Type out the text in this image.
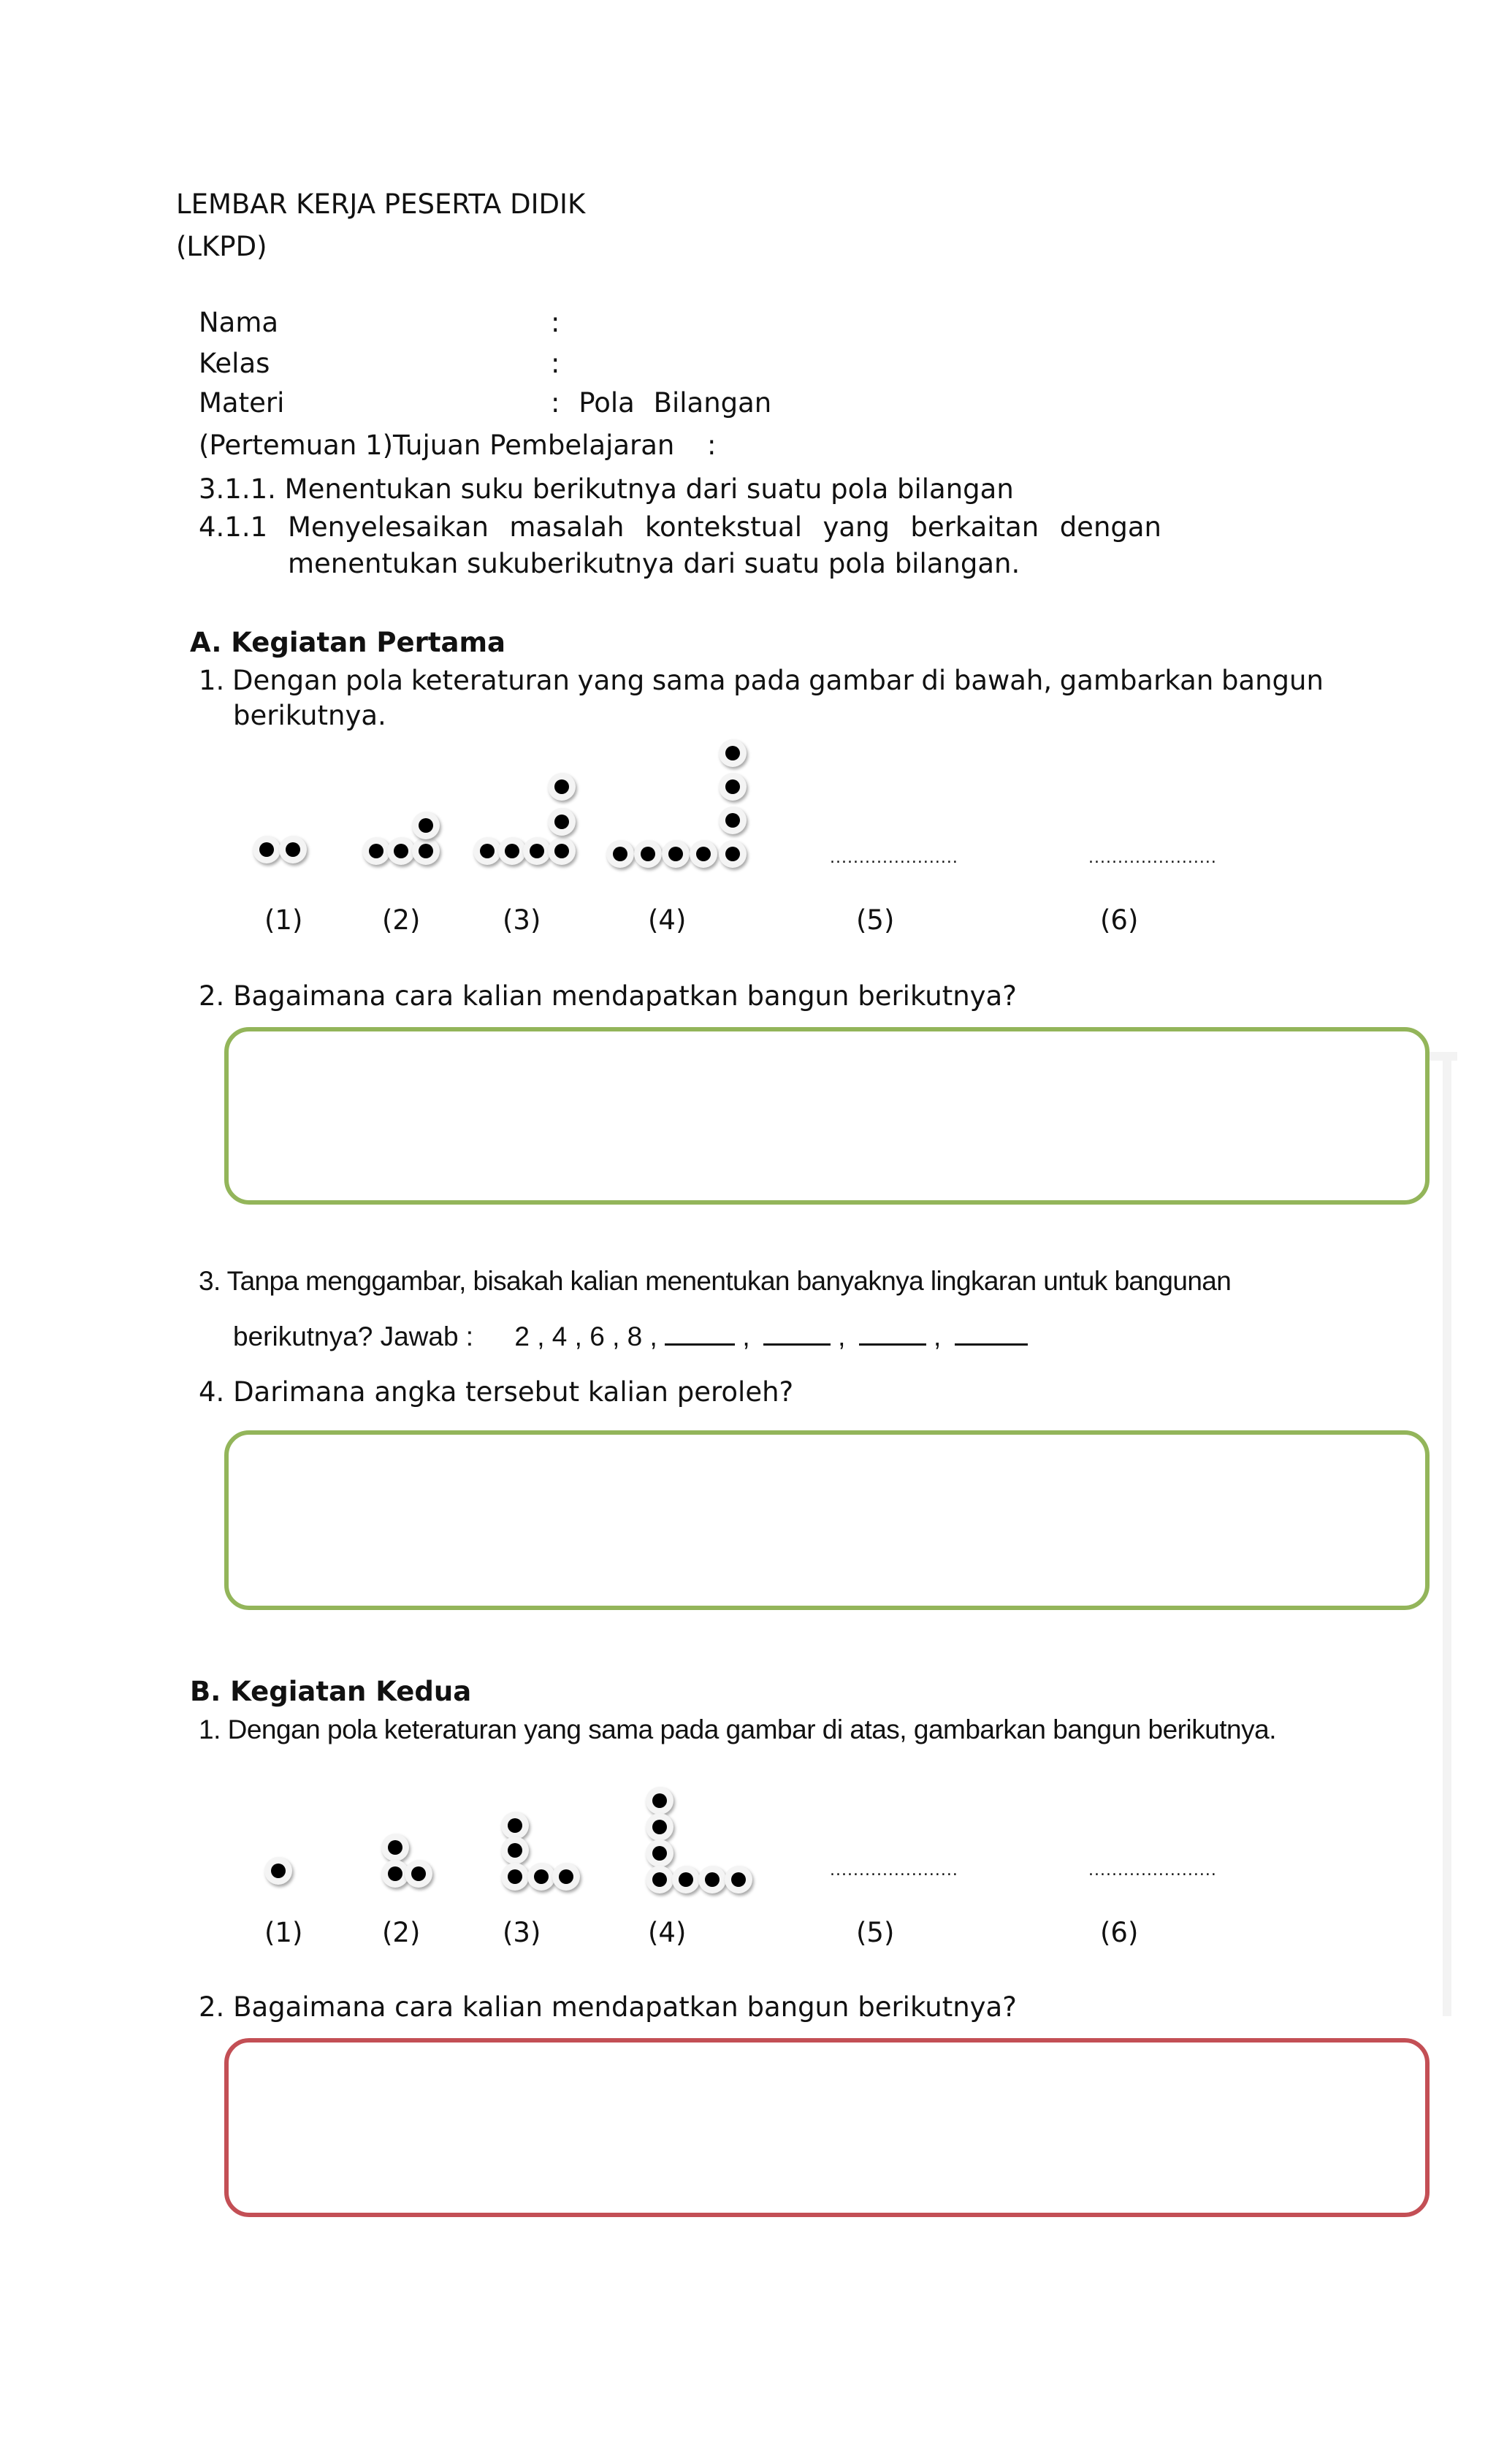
LEMBAR KERJA PESERTA DIDIK
(LKPD)
Nama	:
Kelas	:
Materi	: Pola Bilangan
(Pertemuan 1)Tujuan Pembelajaran :
3.1.1. Menentukan suku berikutnya dari suatu pola bilangan
4.1.1 Menyelesaikan masalah kontekstual yang berkaitan dengan
menentukan sukuberikutnya dari suatu pola bilangan.
A. Kegiatan Pertama
1. Dengan pola keteraturan yang sama pada gambar di bawah, gambarkan bangun
berikutnya.
......................	......................
(1)	(2)	(3)	(4)	(5)	(6)
2. Bagaimana cara kalian mendapatkan bangun berikutnya?
3. Tanpa menggambar, bisakah kalian menentukan banyaknya lingkaran untuk bangunan
berikutnya? Jawab : 2 , 4 , 6 , 8 ,	,	,	,
4. Darimana angka tersebut kalian peroleh?
B. Kegiatan Kedua
1. Dengan pola keteraturan yang sama pada gambar di atas, gambarkan bangun berikutnya.
......................	......................
(1)	(2)	(3)	(4)	(5)	(6)
2. Bagaimana cara kalian mendapatkan bangun berikutnya?
